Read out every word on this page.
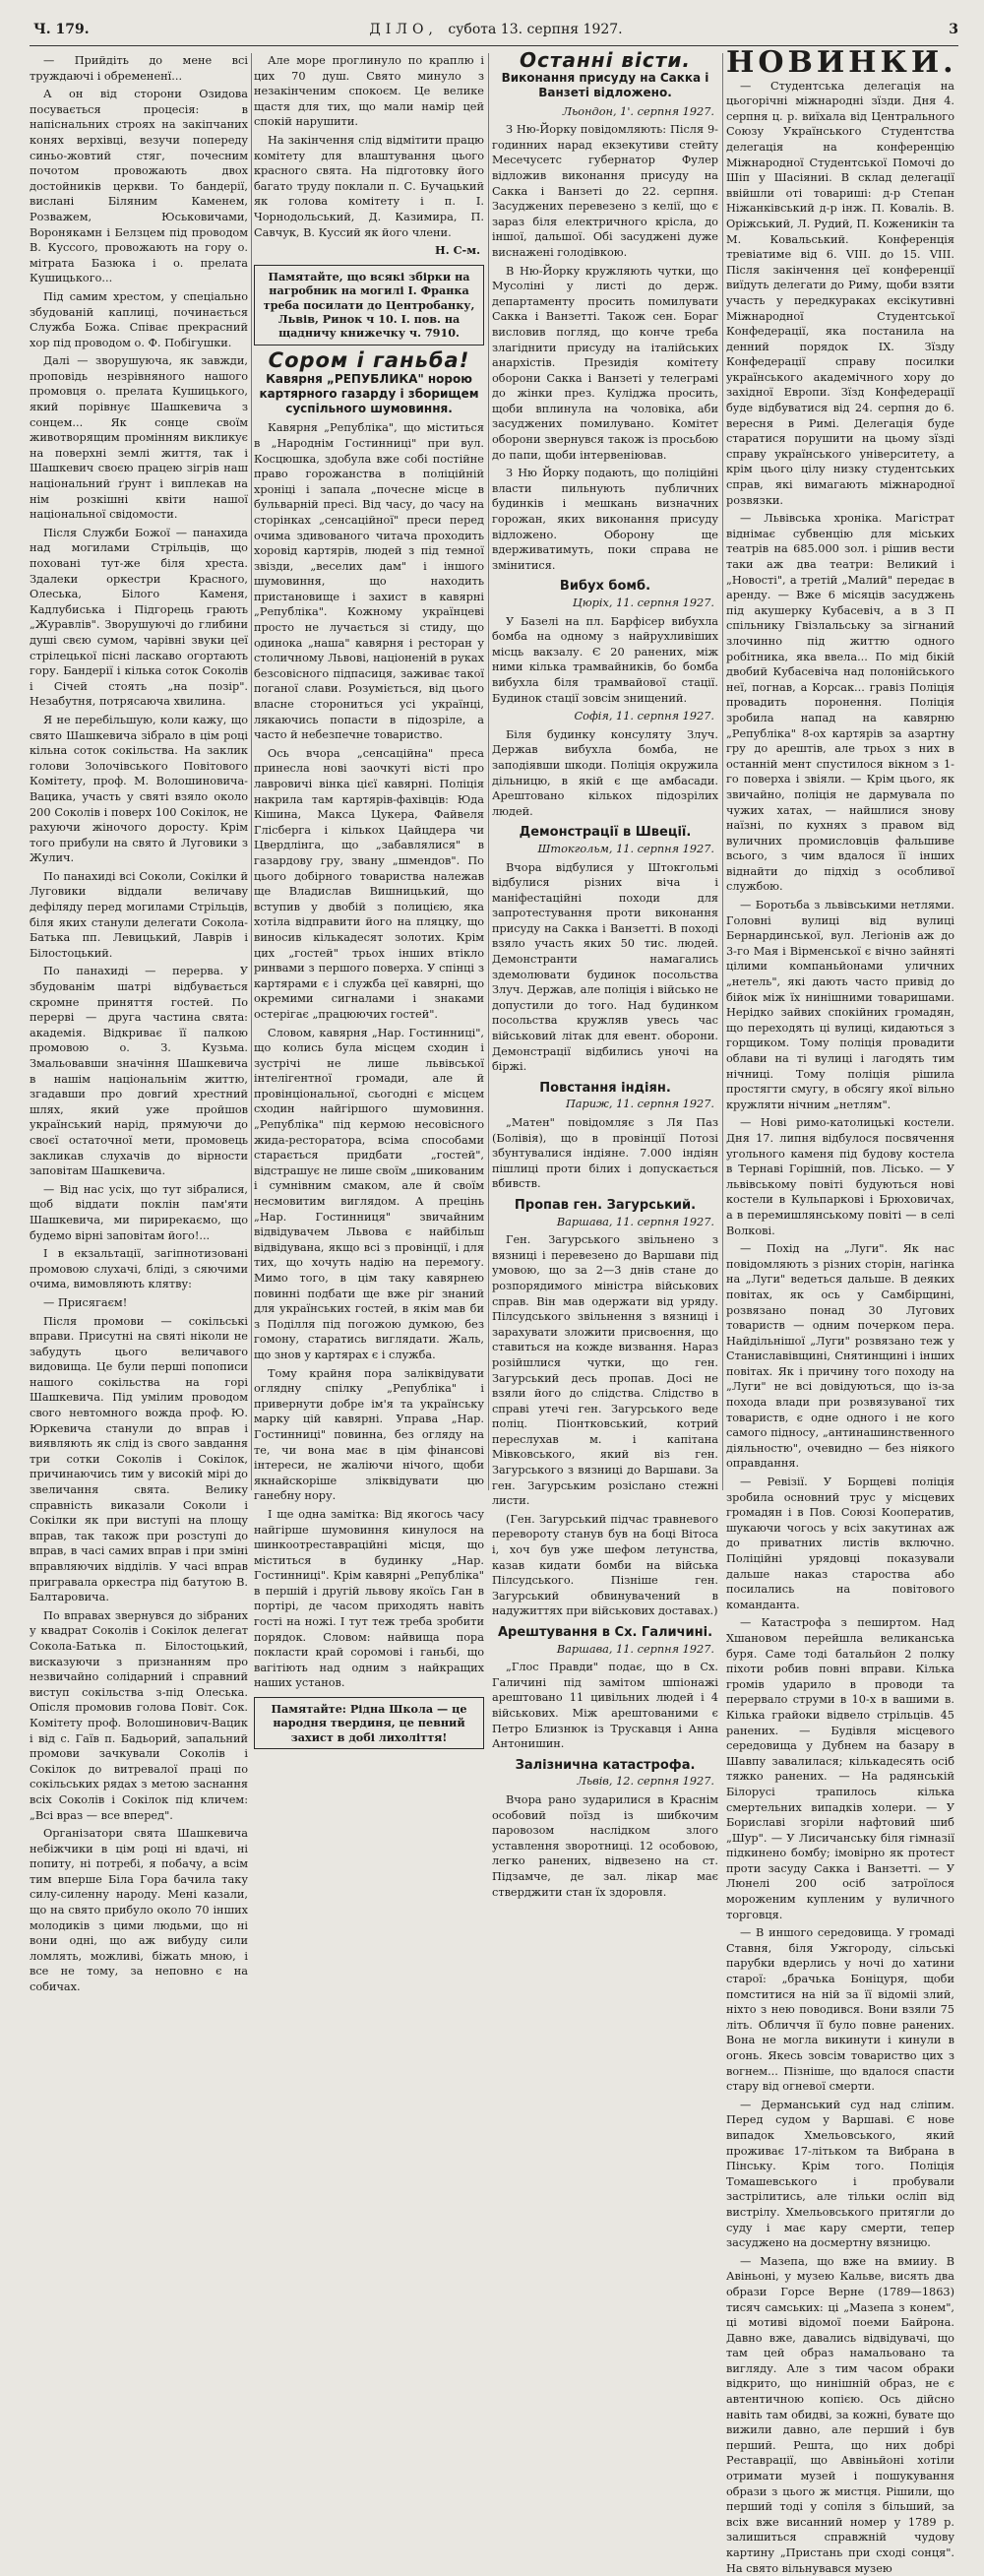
Ч. 179.	ДІЛО, субота 13. серпня 1927.	3

— Прийдіть до мене всі труждаючі і обремененї...

А он від сторони Озидова посувається процесія: в напіснальних строях на закіпчаних конях верхівці, везучи попереду синьо-жовтий стяг, почесним почотом провожають двох достойників церкви. То бандерії, вислані Біляним Каменем, Розважем, Юськовичами, Воронякамн і Белзцем під проводом В. Куссого, провожають на гору о. мітрата Базюка і о. прелата Кушицького...

Під самим хрестом, у спеціально збудованій каплиці, починається Служба Божа. Співає прекрасний хор під проводом о. Ф. Побігушки.

Далі — зворушуюча, як завжди, проповідь незрівняного нашого промовця о. прелата Кушицького, який порівнує Шашкевича з сонцем... Як сонце своїм животворящим промінням викликує на поверхні землі життя, так і Шашкевич своєю працею зігрів наш національний ґрунт і виплекав на нім розкішні квіти нашої національної свідомости.

Після Служби Божої — панахида над могилами Стрільців, що поховані тут-же біля хреста. Здалеки оркестри Красного, Олеська, Білого Каменя, Кадлубиська і Підгорець грають „Журавлів". Зворушуючі до глибини душі свєю сумом, чарівні звуки цеї стрілецької пісні ласкаво огортають гору. Бандерії і кілька соток Соколів і Січей стоять „на позір". Незабутня, потрясаюча хвилина.

Я не перебільшую, коли кажу, що свято Шашкевича зібрало в цім році кільна соток сокільства. На заклик голови Золочівського Повітового Комітету, проф. М. Волошиновича-Вацика, участь у святі взяло около 200 Соколів і поверх 100 Сокілок, не рахуючи жіночого доросту. Крім того прибули на свято й Луговики з Жулич.

По панахиді всі Соколи, Сокілки й Луговики віддали величаву дефіляду перед могилами Стрільців, біля яких станули делегати Сокола-Батька пп. Левицький, Лаврів і Білостоцький.

По панахиді — перерва. У збудованім шатрі відбувається скромне приняття гостей. По перерві — друга частина свята: академія. Відкриває її палкою промовою о. З. Кузьма. Змальовавши значіння Шашкевича в нашім національнім життю, згадавши про довгий хрестний шлях, який уже пройшов український нарід, прямуючи до своєї остаточної мети, промовець закликав слухачів до вірности заповітам Шашкевича.

— Від нас усіх, що тут зібралися, щоб віддати поклін пам'яти Шашкевича, ми пирирекаємо, що будемо вірні заповітам його!...

І в екзальтації, загіпнотизовані промовою слухачі, бліді, з сяючими очима, вимовляють клятву:

— Присягаєм!

Після промови — сокільські вправи. Присутні на святі ніколи не забудуть цього величавого видовища. Це були перші попописи нашого сокільства на горі Шашкевича. Під умілим проводом свого невтомного вожда проф. Ю. Юркевича станули до вправ і виявляють як слід із свого завдання три сотки Соколів і Сокілок, причинаючись тим у високій мірі до звеличання свята. Велику справність виказали Соколи і Сокілки як при виступі на площу вправ, так також при розступі до вправ, в часі самих вправ і при зміні вправляючих відділів. У часі вправ пригравала оркестра під батутою В. Балтаровича.

По вправах звернувся до зібраних у квадрат Соколів і Сокілок делегат Сокола-Батька п. Білостоцький, висказуючи з признанням про незвичайно солідарний і справний виступ сокільства з-під Олеська. Опісля промовив голова Повіт. Сок. Комітету проф. Волошинович-Вацик і від с. Гаїв п. Бадьорий, запальний промови зачкували Соколів і Сокілок до витревалої праці по сокільських рядах з метою заснання всіх Соколів і Сокілок під кличем: „Всі враз — все вперед".

Організатори свята Шашкевича небіжчики в цім році ні вдачі, ні попиту, ні потребі, я побачу, а всім тим вперше Біла Гора бачила таку силу-силенну народу. Мені казали, що на свято прибуло около 70 інших молодиків з цими людьми, що ні вони одні, що аж вибуду сили ломлять, можливі, біжать мною, і все не тому, за неповно є на собичах.

Але море проглинуло по краплю і цих 70 душ. Свято минуло з незакінченим спокоєм. Це велике щастя для тих, що мали намір цей спокій нарушити.

На закінчення слід відмітити працю комітету для влаштування цього красного свята. На підготовку його багато труду поклали п. С. Бучацький як голова комітету і п. І. Чорнодольський, Д. Казимира, П. Савчук, В. Куссий як його члени.

Н. С-м.

Памятайте, що всякі збірки на нагробник на могилі І. Франка треба посилати до Центробанку, Львів, Ринок ч 10. І. пов. на щадничу книжечку ч. 7910.
Сором і ганьба!
Кавярня „РЕПУБЛИКА" норою картярного газарду і зборищем суспільного шумовиння.

Кавярня „Републіка", що міститься в „Народнім Гостинниці" при вул. Косцюшка, здобула вже собі постійне право горожанства в поліційній хроніці і запала „почесне місце в бульварній пресі. Від часу, до часу на сторінках „сенсаційної" преси перед очима здивованого читача проходить хоровід картярів, людей з під темної звізди, „веселих дам" і іншого шумовиння, що находить пристановище і захист в кавярні „Републіка". Кожному українцеві просто не лучається зі стиду, що одинока „наша" кавярня і ресторан у столичному Львові, націоненій в руках безсовісного підпасиця, заживає такої поганої слави. Розуміється, від цього власне сторониться усі українці, лякаючись попасти в підозріле, а часто й небезпечне товариство.

Ось вчора „сенсаційна" преса принесла нові заочкуті вісті про лавровичі вінка цієї кавярні. Поліція накрила там картярів-фахівців: Юда Кішина, Макса Цукера, Файвеля Глісберга і кількох Цайцдера чи Цвердлінга, що „забавлялися" в газардову гру, звану „шмендов". По цього добірного товариства належав ще Владислав Вишницький, що вступив у двобій з полицією, яка хотіла відправити його на пляцку, що виносив кількадесят золотих. Крім цих „гостей" трьох інших втікло ринвами з першого поверха. У спінці з картярами є і служба цеї кавярні, що окремими сигналами і знаками остерігає „працюючих гостей".

Словом, кавярня „Нар. Гостинниці", що колись була місцем сходин і зустрічі не лише львівської інтелігентної громади, але й провінціональної, сьогодні є місцем сходин найгіршого шумовиння. „Републіка" під кермою несовісного жида-ресторатора, всіма способами старається придбати „гостей", відстрашує не лише своїм „шикованим і сумнівним смаком, але й своїм несмовитим виглядом. А прецінь „Нар. Гостинниця" звичайним відвідувачем Львова є найбільш відвідувана, якщо всі з провінції, і для тих, що хочуть надію на перемогу. Мимо того, в цім таку кавярнею повинні подбати ще вже ріг знаний для українських гостей, в якім мав би з Поділля під погожою думкою, без гомону, старатись виглядати. Жаль, що знов у картярах є і служба.

Тому крайня пора заліквідувати оглядну спілку „Републіка" і привернути добре ім'я та українську марку цій кавярні. Управа „Нар. Гостинниці" повинна, без огляду на те, чи вона має в цім фінансові інтереси, не жаліючи нічого, щоби якнайскоріше зліквідувати цю ганебну нору.

І ще одна замітка: Від якогось часу найгірше шумовиння кинулося на шинкоотреставраційні місця, що міститься в будинку „Нар. Гостинниці". Крім кавярні „Републіка" в першій і другій львову якоїсь Ган в портірі, де часом приходять навіть гості на ножі. І тут теж треба зробити порядок. Словом: найвища пора покласти край соромові і ганьбі, що вагітіють над одним з найкращих наших установ.

Памятайте: Рідна Школа — це народня твердиня, це певний захист в добі лихоліття!
Останні вісти.
Виконання присуду на Сакка і Ванзеті відложено.

Льондон, 1'. серпня 1927.

З Ню-Йорку повідомляють: Після 9-годинних нарад екзекутиви стейту Месечусетс губернатор Фулер відложив виконання присуду на Сакка і Ванзеті до 22. серпня. Засуджених перевезено з келії, що є зараз біля електричного крісла, до іншої, дальшої. Обі засуджені дуже виснажені голодівкою.

В Ню-Йорку кружляють чутки, що Мусоліні у листі до держ. департаменту просить помилувати Сакка і Ванзетті. Також сен. Бораг висловив погляд, що конче треба злагіднити присуду на італійських анархістів. Президія комітету оборони Сакка і Ванзеті у телеграмі до жінки през. Куліджа просить, щоби вплинула на чоловіка, аби засуджених помилувано. Комітет оборони звернувся також із просьбою до папи, щоби інтервеніював.

З Ню Йорку подають, що поліційні власти пильнують публичних будинків і мешкань визначних горожан, яких виконання присуду відложено. Оборону ще вдерживатимуть, поки справа не змінитися.

Вибух бомб.

Цюріх, 11. серпня 1927.

У Базелі на пл. Барфісер вибухла бомба на одному з найрухливіших місць вакзалу. Є 20 ранених, між ними кілька трамвайників, бо бомба вибухла біля трамвайової стації. Будинок стації зовсім знищений.

Софія, 11. серпня 1927.

Біля будинку консуляту Злуч. Держав вибухла бомба, не заподіявши шкоди. Поліція окружила дільницю, в якій є ще амбасади. Арештовано кількох підозрілих людей.

Демонстрації в Швеції.

Штокгольм, 11. серпня 1927.

Вчора відбулися у Штокгольмі відбулися різних віча і маніфестаційні походи для запротестування проти виконання присуду на Сакка і Ванзетті. В поході взяло участь яких 50 тис. людей. Демонстранти намагались здемолювати будинок посольства Злуч. Держав, але поліція і військо не допустили до того. Над будинком посольства кружляв увесь час військовий літак для евент. оборони. Демонстрації відбились уночі на біржі.

Повстання індіян.

Париж, 11. серпня 1927.

„Матен" повідомляє з Ля Паз (Болівія), що в провінції Потозі збунтувалися індіяне. 7.000 індіян пішлиці проти білих і допускається вбивств.

Пропав ген. Загурський.

Варшава, 11. серпня 1927.

Ген. Загурського звільнено з вязниці і перевезено до Варшави під умовою, що за 2—3 днів стане до розпорядимого міністра військових справ. Він мав одержати від уряду. Пілсудського звільнення з вязниці і зарахувати зложити присвоєння, що ставиться на кожде визвання. Нараз розійшлися чутки, що ген. Загурський десь пропав. Досі не взяли його до слідства. Слідство в справі утечі ген. Загурського веде поліц. Піонтковський, котрий переслухав м. і капітана Мівковського, який віз ген. Загурського з вязниці до Варшави. За ген. Загурським розіслано стежні листи.

(Ген. Загурський підчас травневого перевороту станув був на боці Вітоса і, хоч був уже шефом летунства, казав кидати бомби на війська Пілсудського. Пізніше ген. Загурський обвинувачений в надужиттях при військових доставах.)

Арештування в Сх. Галичині.

Варшава, 11. серпня 1927.

„Глос Правди" подає, що в Сх. Галичині під замітом шпіонажі арештовано 11 цивільних людей і 4 військових. Між арештованими є Петро Близнюк із Трускавця і Анна Антонишин.

Залізнична катастрофа.

Львів, 12. серпня 1927.

Вчора рано зударилися в Краснім особовий поїзд із шибкочим паровозом наслідком злого уставлення зворотниці. 12 особовою, легко ранених, відвезено на ст. Підзамче, де зал. лікар має стверджити стан їх здоровля.

НОВИНКИ.

— Студентська делегація на цьогорічні міжнародні зїзди. Дня 4. серпня ц. р. виїхала від Центрального Союзу Українського Студентства делегація на конференцію Міжнародної Студентської Помочі до Шіп у Шасіяниі. В склад делегації ввійшли оті товариші: д-р Степан Ніжанківський д-р інж. П. Коваліь. В. Оріжський, Л. Рудий, П. Коженикін та М. Ковальський. Конференція тревіатиме від 6. VIII. до 15. VIII. Після закінчення цеї конференції виїдуть делегати до Риму, щоби взяти участь у передкураках ексікутивні Міжнародної Студентської Конфедерації, яка постанила на денний порядок ІХ. Зїзду Конфедерації справу посилки українського академічного хору до західної Европи. Зїзд Конфедерації буде відбуватися від 24. серпня до 6. вересня в Римі. Делегація буде старатися порушити на цьому зїзді справу українського університету, а крім цього цілу низку студентських справ, які вимагають міжнародної розвязки.

— Львівська хроніка. Магістрат віднімає субвенцію для міських театрів на 685.000 зол. і рішив вести таки аж два театри: Великий і „Новості", а третій „Малий" передає в аренду. — Вже 6 місяців засуджень під акушерку Кубасевіч, а в 3 П спільнику Гвізлальську за зігнаний злочинно під життю одного робітника, яка ввела... По мід бікій двобий Кубасевіча над полонійського неї, погнав, а Корсак... гравіз Поліція провадить поронення. Поліція зробила напад на кавярню „Републіка" 8-ох картярів за азартну гру до арештів, але трьох з них в останній мент спустилося вікном з 1-го поверха і звіяли. — Крім цього, як звичайно, поліція не дармувала по чужих хатах, — найшлися знову наїзні, по кухнях з правом від вуличних промисловців фальшиве всього, з чим вдалося її інших віднайти до підхід з особливої службою.

— Боротьба з львівськими нетлями. Головні вулиці від вулиці Бернардинської, вул. Легіонів аж до 3-го Мая і Вірменської є вічно зайняті цілими компаньйонами уличних „нетель", які дають часто привід до бійок між їх нинішними товаришами. Нерідко зайвих спокійних громадян, що переходять ці вулиці, кидаються з горщиком. Тому поліція провадити облави на ті вулиці і лагодять тим нічниці. Тому поліція рішила простягти смугу, в обсягу якої вільно кружляти нічним „нетлям".

— Нові римо-католицькі костели. Дня 17. липня відбулося посвячення угольного каменя під будову костела в Тернаві Горішній, пов. Лісько. — У львівському повіті будуються нові костели в Кульпаркові і Брюховичах, а в перемишлянському повіті — в селі Волкові.

— Похід на „Луги". Як нас повідомляють з різних сторін, нагінка на „Луги" ведеться дальше. В деяких повітах, як ось у Самбірщині, розвязано понад 30 Лугових товариств — одним почерком пера. Найдільнішої „Луги" розвязано теж у Станиславівщині, Снятинщині і інших повітах. Як і причину того походу на „Луги" не всі довідуються, що із-за похода влади при розвязуваної тих товариств, є одне одного і не кого самого підносу, „антинашинственного діяльностю", очевидно — без ніякого оправдання.

— Ревізії. У Борщеві поліція зробила основний трус у місцевих громадян і в Пов. Союзі Кооператив, шукаючи чогось у всіх закутинах аж до приватних листів включно. Поліційні урядовці показували дальше наказ староства або посилались на повітового команданта.

— Катастрофа з пеширтом. Над Хшановом перейшла великанська буря. Саме тоді батальйон 2 полку піхоти робив повні вправи. Кілька громів ударило в проводи та перервало струми в 10-х в вашими в. Кілька грайоки відвело стрільців. 45 ранених. — Будівля місцевого середовища у Дубнем на базару в Шавпу завалилася; кількадесять осіб тяжко ранених. — На радянській Білорусі трапилось кілька смертельних випадків холери. — У Бориславі згоріли нафтовий шиб „Шур". — У Лисичанську біля гімназії підкинено бомбу; імовірно як протест проти засуду Сакка і Ванзетті. — У Люнелі 200 осіб затроїлося мороженим купленим у вуличного торговця.

— В иншого середовища. У громаді Ставня, біля Ужгороду, сільські парубки вдерлись у ночі до хатини старої: „брачька Боніцуря, щоби помститися на ній за її відоміі злий, ніхто з нею поводився. Вони взяли 75 літь. Обличчя її було повне ранених. Вона не могла викинути і кинули в огонь. Якесь зовсім товариство цих з вогнем... Пізніше, що вдалося спасти стару від огневої смерти.

— Дерманський суд над сліпим. Перед судом у Варшаві. Є нове випадок Хмельовського, який проживає 17-літьком та Вибрана в Пінську. Крім того. Поліція Томашевського і пробували застрілитись, але тільки осліп від вистрілу. Хмельовського притягли до суду і має кару смерти, тепер засуджено на досмертну вязницю.

— Мазепа, що вже на вмииу. В Авіньоні, у музею Кальве, висять два образи Горсе Верне (1789—1863) тисяч самських: ці „Мазепа з конем", ці мотиві відомої поеми Байрона. Давно вже, давались відвідувачі, що там цей образ намальовано та вигляду. Але з тим часом обраки відкрито, що нинішній образ, не є автентичною копією. Ось дійсно навіть там обидві, за кожні, бувате що вижили давно, але перший і був перший. Решта, що них добрі Реставрації, що Аввіньйоні хотіли отримати музей і пошукування образи з цього ж мистця. Рішили, що перший тоді у сопіля з більший, за всіх вже висанний номер у 1789 р. залишиться справжній чудову картину „Пристань при сході сонця". На свято вільнувався музею
